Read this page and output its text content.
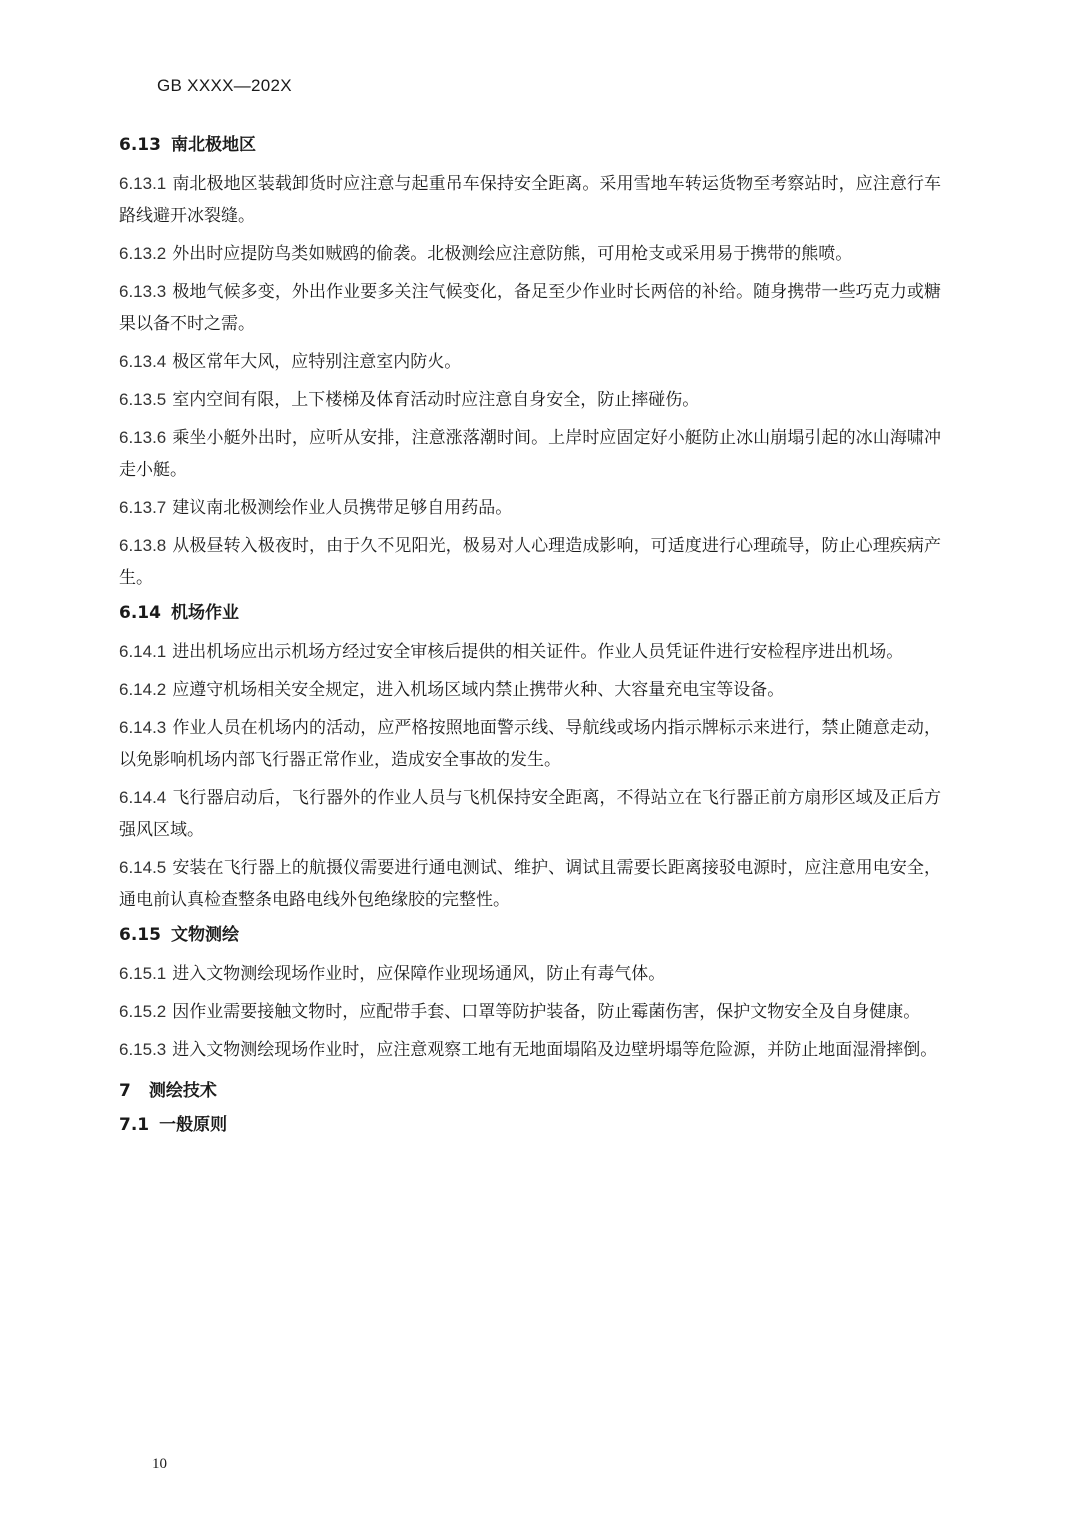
GB XXXX—202X
6.13 南北极地区

6.13.1 南北极地区装载卸货时应注意与起重吊车保持安全距离。采用雪地车转运货物至考察站时，应注意行车路线避开冰裂缝。

6.13.2 外出时应提防鸟类如贼鸥的偷袭。北极测绘应注意防熊，可用枪支或采用易于携带的熊喷。

6.13.3 极地气候多变，外出作业要多关注气候变化，备足至少作业时长两倍的补给。随身携带一些巧克力或糖果以备不时之需。

6.13.4 极区常年大风，应特别注意室内防火。

6.13.5 室内空间有限，上下楼梯及体育活动时应注意自身安全，防止摔碰伤。

6.13.6 乘坐小艇外出时，应听从安排，注意涨落潮时间。上岸时应固定好小艇防止冰山崩塌引起的冰山海啸冲走小艇。

6.13.7 建议南北极测绘作业人员携带足够自用药品。

6.13.8 从极昼转入极夜时，由于久不见阳光，极易对人心理造成影响，可适度进行心理疏导，防止心理疾病产生。

6.14 机场作业

6.14.1 进出机场应出示机场方经过安全审核后提供的相关证件。作业人员凭证件进行安检程序进出机场。

6.14.2 应遵守机场相关安全规定，进入机场区域内禁止携带火种、大容量充电宝等设备。

6.14.3 作业人员在机场内的活动，应严格按照地面警示线、导航线或场内指示牌标示来进行，禁止随意走动，以免影响机场内部飞行器正常作业，造成安全事故的发生。

6.14.4 飞行器启动后，飞行器外的作业人员与飞机保持安全距离，不得站立在飞行器正前方扇形区域及正后方强风区域。

6.14.5 安装在飞行器上的航摄仪需要进行通电测试、维护、调试且需要长距离接驳电源时，应注意用电安全，通电前认真检查整条电路电线外包绝缘胶的完整性。

6.15 文物测绘

6.15.1 进入文物测绘现场作业时，应保障作业现场通风，防止有毒气体。

6.15.2 因作业需要接触文物时，应配带手套、口罩等防护装备，防止霉菌伤害，保护文物安全及自身健康。

6.15.3 进入文物测绘现场作业时，应注意观察工地有无地面塌陷及边壁坍塌等危险源，并防止地面湿滑摔倒。

7 测绘技术
7.1 一般原则
10
